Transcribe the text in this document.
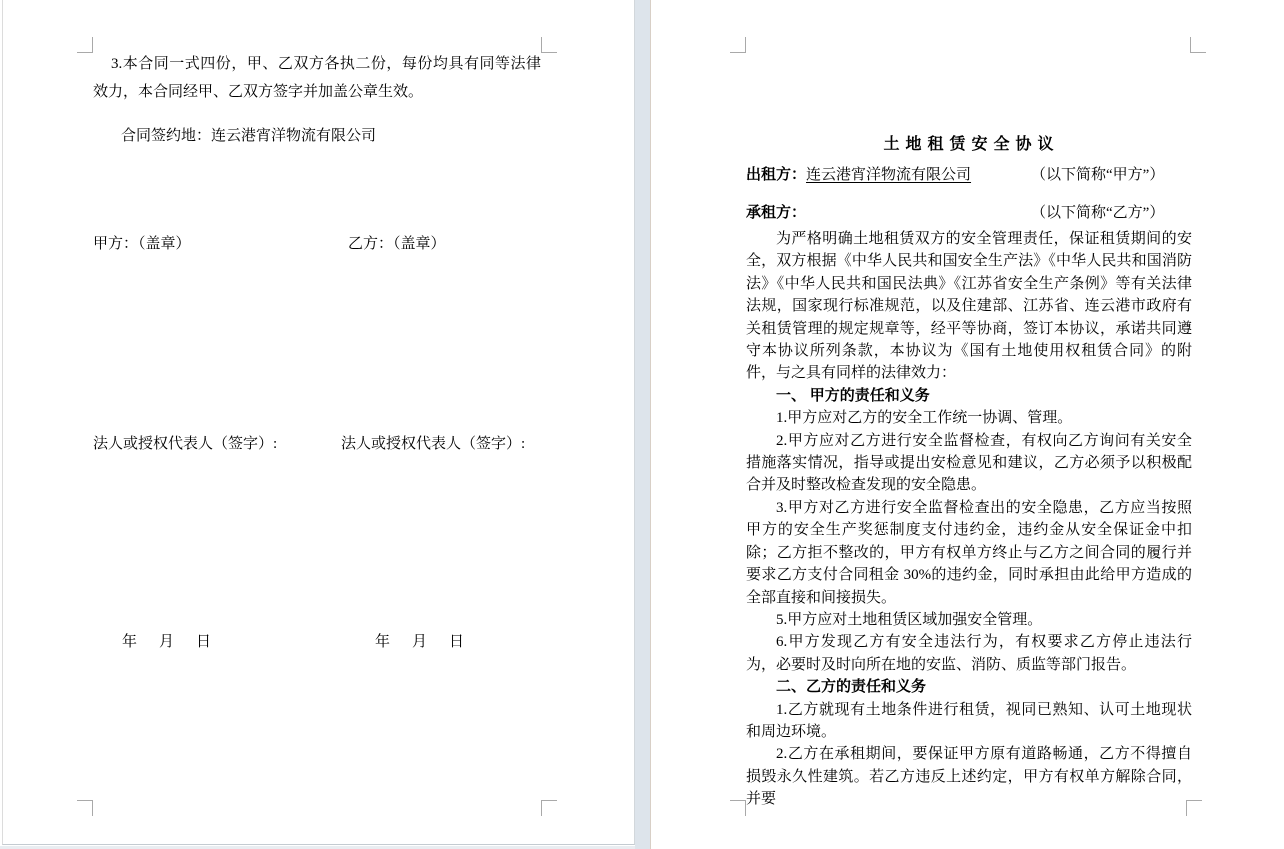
3.本合同一式四份，甲、乙双方各执二份，每份均具有同等法律效力，本合同经甲、乙双方签字并加盖公章生效。
合同签约地：连云港宵洋物流有限公司
甲方：（盖章）	乙方：（盖章）
法人或授权代表人（签字）:	法人或授权代表人（签字）:
年 月 日	年 月 日
土 地 租 赁 安 全 协 议
出租方：连云港宵洋物流有限公司	（以下简称“甲方”）
承租方：	（以下简称“乙方”）

为严格明确土地租赁双方的安全管理责任，保证租赁期间的安全，双方根据《中华人民共和国安全生产法》《中华人民共和国消防法》《中华人民共和国民法典》《江苏省安全生产条例》等有关法律法规，国家现行标准规范，以及住建部、江苏省、连云港市政府有关租赁管理的规定规章等，经平等协商，签订本协议，承诺共同遵守本协议所列条款，本协议为《国有土地使用权租赁合同》的附件，与之具有同样的法律效力：

一、 甲方的责任和义务

1.甲方应对乙方的安全工作统一协调、管理。

2.甲方应对乙方进行安全监督检查，有权向乙方询问有关安全措施落实情况，指导或提出安检意见和建议，乙方必须予以积极配合并及时整改检查发现的安全隐患。

3.甲方对乙方进行安全监督检查出的安全隐患，乙方应当按照甲方的安全生产奖惩制度支付违约金，违约金从安全保证金中扣除；乙方拒不整改的，甲方有权单方终止与乙方之间合同的履行并要求乙方支付合同租金 30%的违约金，同时承担由此给甲方造成的全部直接和间接损失。

5.甲方应对土地租赁区域加强安全管理。

6.甲方发现乙方有安全违法行为，有权要求乙方停止违法行为，必要时及时向所在地的安监、消防、质监等部门报告。

二、乙方的责任和义务

1.乙方就现有土地条件进行租赁，视同已熟知、认可土地现状和周边环境。

2.乙方在承租期间，要保证甲方原有道路畅通，乙方不得擅自损毁永久性建筑。若乙方违反上述约定，甲方有权单方解除合同，并要
